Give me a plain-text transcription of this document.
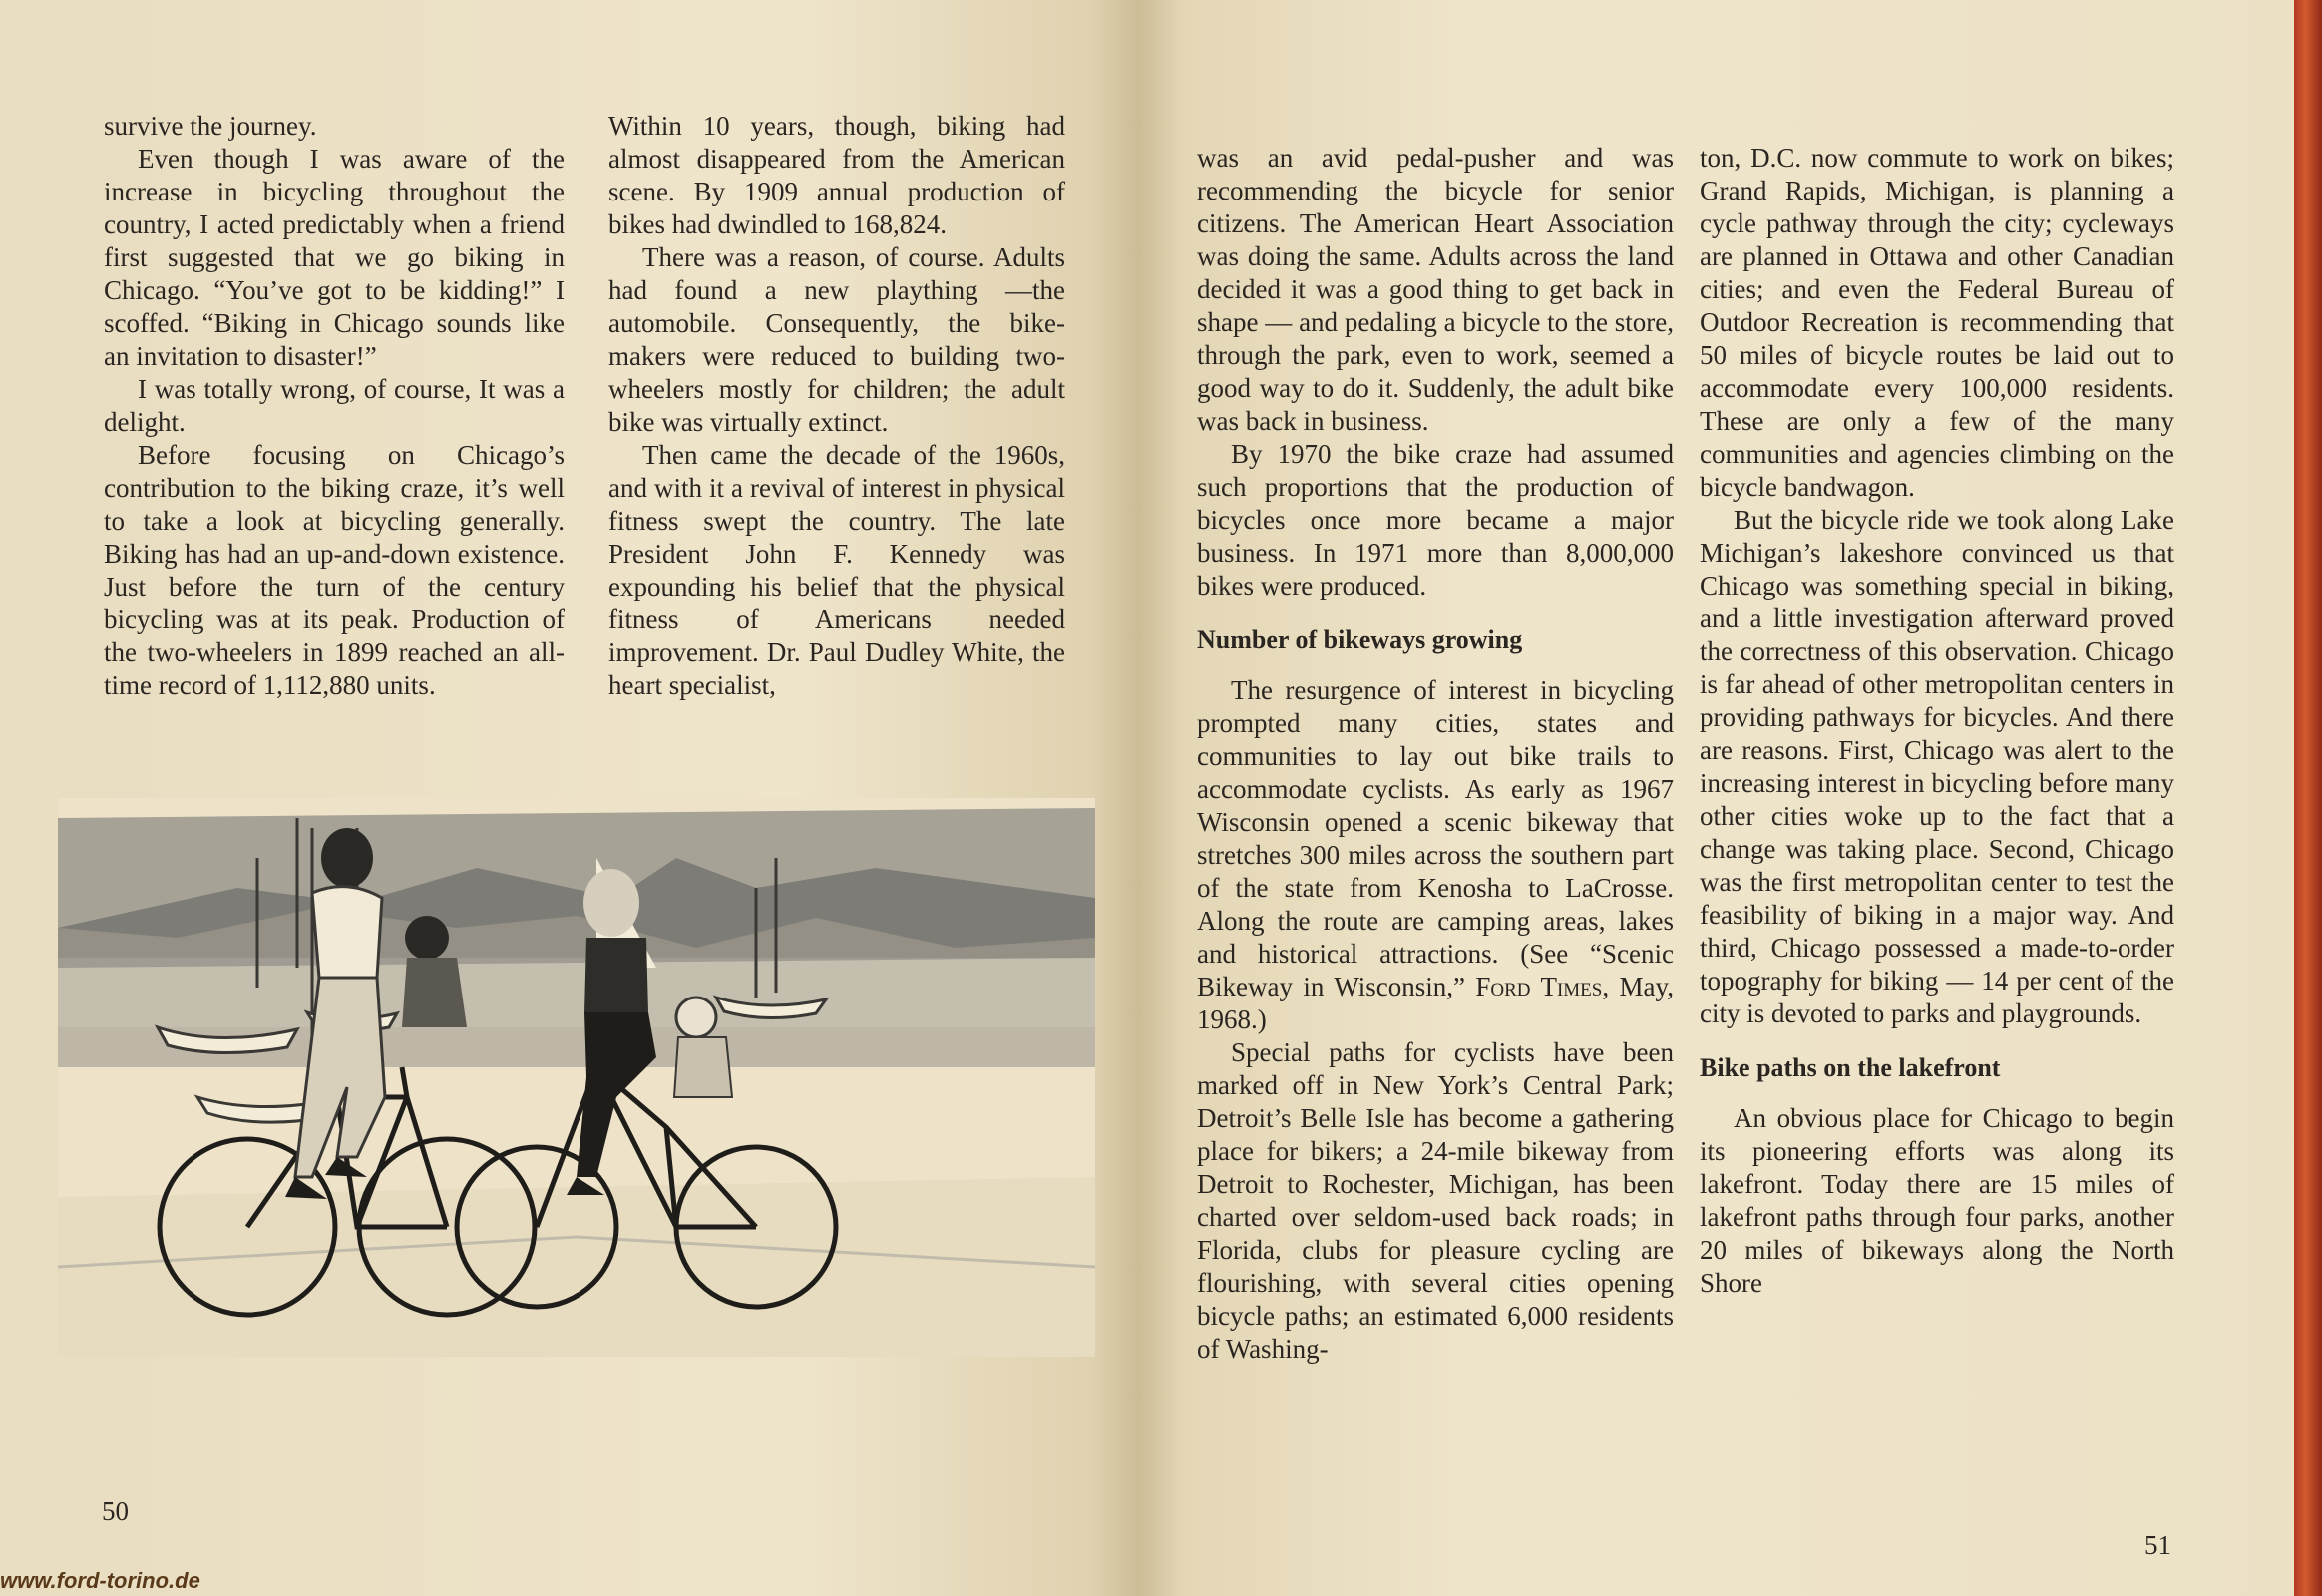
survive the journey.

Even though I was aware of the increase in bicycling throughout the country, I acted predictably when a friend first suggested that we go biking in Chicago. “You’ve got to be kidding!” I scoffed. “Biking in Chicago sounds like an invitation to disaster!”

I was totally wrong, of course, It was a delight.

Before focusing on Chicago’s contribution to the biking craze, it’s well to take a look at bicycling generally. Biking has had an up-and-down existence. Just before the turn of the century bicycling was at its peak. Production of the two-wheelers in 1899 reached an all-time record of 1,112,880 units.

Within 10 years, though, biking had almost disappeared from the American scene. By 1909 annual production of bikes had dwindled to 168,824.

There was a reason, of course. Adults had found a new plaything —the automobile. Consequently, the bike-makers were reduced to building two-wheelers mostly for children; the adult bike was virtually extinct.

Then came the decade of the 1960s, and with it a revival of interest in physical fitness swept the country. The late President John F. Kennedy was expounding his belief that the physical fitness of Americans needed improvement. Dr. Paul Dudley White, the heart specialist,

50

was an avid pedal-pusher and was recommending the bicycle for senior citizens. The American Heart Association was doing the same. Adults across the land decided it was a good thing to get back in shape — and pedaling a bicycle to the store, through the park, even to work, seemed a good way to do it. Suddenly, the adult bike was back in business.

By 1970 the bike craze had assumed such proportions that the production of bicycles once more became a major business. In 1971 more than 8,000,000 bikes were produced.

Number of bikeways growing

The resurgence of interest in bicycling prompted many cities, states and communities to lay out bike trails to accommodate cyclists. As early as 1967 Wisconsin opened a scenic bikeway that stretches 300 miles across the southern part of the state from Kenosha to LaCrosse. Along the route are camping areas, lakes and historical attractions. (See “Scenic Bikeway in Wisconsin,” Ford Times, May, 1968.)

Special paths for cyclists have been marked off in New York’s Central Park; Detroit’s Belle Isle has become a gathering place for bikers; a 24-mile bikeway from Detroit to Rochester, Michigan, has been charted over seldom-used back roads; in Florida, clubs for pleasure cycling are flourishing, with several cities opening bicycle paths; an estimated 6,000 residents of Washing-

ton, D.C. now commute to work on bikes; Grand Rapids, Michigan, is planning a cycle pathway through the city; cycleways are planned in Ottawa and other Canadian cities; and even the Federal Bureau of Outdoor Recreation is recommending that 50 miles of bicycle routes be laid out to accommodate every 100,000 residents. These are only a few of the many communities and agencies climbing on the bicycle bandwagon.

But the bicycle ride we took along Lake Michigan’s lakeshore convinced us that Chicago was something special in biking, and a little investigation afterward proved the correctness of this observation. Chicago is far ahead of other metropolitan centers in providing pathways for bicycles. And there are reasons. First, Chicago was alert to the increasing interest in bicycling before many other cities woke up to the fact that a change was taking place. Second, Chicago was the first metropolitan center to test the feasibility of biking in a major way. And third, Chicago possessed a made-to-order topography for biking — 14 per cent of the city is devoted to parks and playgrounds.

Bike paths on the lakefront

An obvious place for Chicago to begin its pioneering efforts was along its lakefront. Today there are 15 miles of lakefront paths through four parks, another 20 miles of bikeways along the North Shore

51
www.ford-torino.de
